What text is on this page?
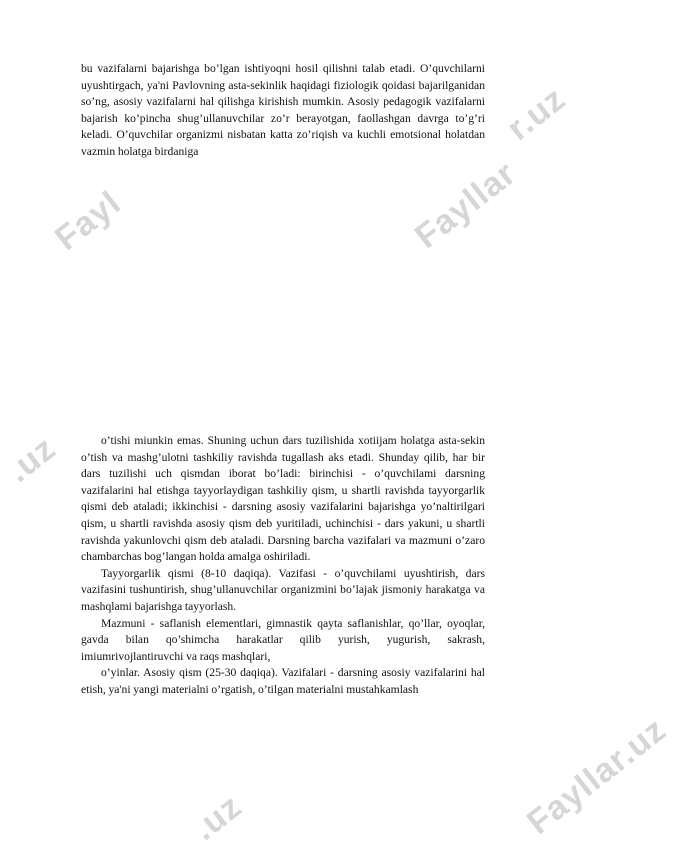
Fayl	Fayllar
r.uz
.uz
.uz	Fayllar.uz

bu vazifalarni bajarishga bo’lgan ishtiyoqni hosil qilishni talab etadi. O’quvchilarni uyushtirgach, ya'ni Pavlovning asta-sekinlik haqidagi fiziologik qoidasi bajarilganidan so’ng, asosiy vazifalarni hal qilishga kirishish mumkin. Asosiy pedagogik vazifalarni bajarish ko’pincha shug’ullanuvchilar zo’r berayotgan, faollashgan davrga to’g’ri keladi. O’quvchilar organizmi nisbatan katta zo’riqish va kuchli emotsional holatdan vazmin holatga birdaniga

o’tishi miunkin emas. Shuning uchun dars tuzilishida xotiijam holatga asta-sekin o’tish va mashg’ulotni tashkiliy ravishda tugallash aks etadi. Shunday qilib, har bir dars tuzilishi uch qismdan iborat bo’ladi: birinchisi - o’quvchilami darsning vazifalarini hal etishga tayyorlaydigan tashkiliy qism, u shartli ravishda tayyorgarlik qismi deb ataladi; ikkinchisi - darsning asosiy vazifalarini bajarishga yo’naltirilgari qism, u shartli ravishda asosiy qism deb yuritiladi, uchinchisi - dars yakuni, u shartli ravishda yakunlovchi qism deb ataladi. Darsning barcha vazifalari va mazmuni o’zaro chambarchas bog’langan holda amalga oshiriladi.

Tayyorgarlik qismi (8-10 daqiqa). Vazifasi - o’quvchilami uyushtirish, dars vazifasini tushuntirish, shug’ullanuvchilar organizmini bo’lajak jismoniy harakatga va mashqlami bajarishga tayyorlash.

Mazmuni - saflanish elementlari, gimnastik qayta saflanishlar, qo’llar, oyoqlar, gavda bilan qo’shimcha harakatlar qilib yurish, yugurish, sakrash, imiumrivojlantiruvchi va raqs mashqlari,

o’yinlar. Asosiy qism (25-30 daqiqa). Vazifalari - darsning asosiy vazifalarini hal etish, ya'ni yangi materialni o’rgatish, o’tilgan materialni mustahkamlash
